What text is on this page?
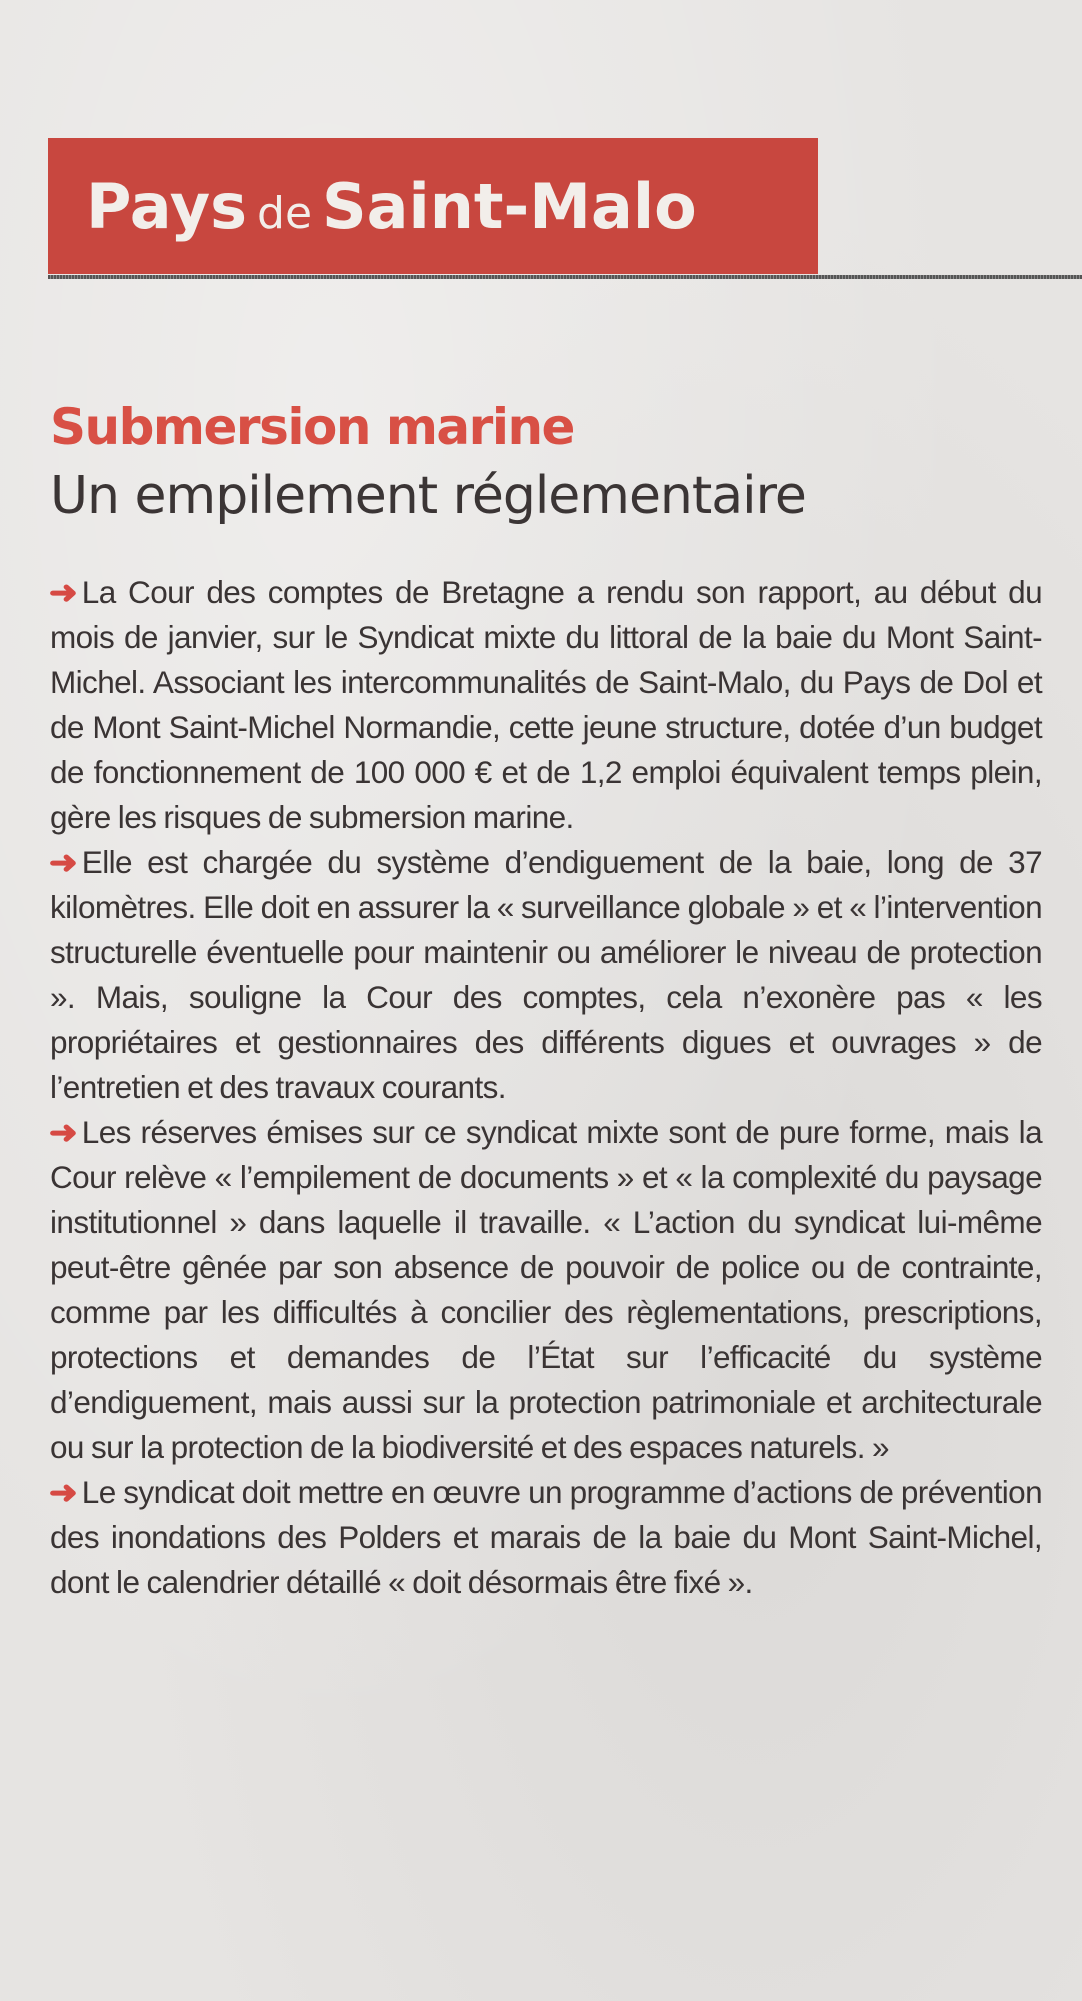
Pays de Saint-Malo
Submersion marine
Un empilement réglementaire

➜ La Cour des comptes de Bretagne a rendu son rapport, au début du mois de janvier, sur le Syndicat mixte du littoral de la baie du Mont Saint-Michel. Associant les intercommunalités de Saint-Malo, du Pays de Dol et de Mont Saint-Michel Normandie, cette jeune structure, dotée d’un budget de fonctionnement de 100 000 € et de 1,2 emploi équivalent temps plein, gère les risques de submersion marine.

➜ Elle est chargée du système d’endiguement de la baie, long de 37 kilomètres. Elle doit en assurer la « surveillance globale » et « l’intervention structurelle éventuelle pour maintenir ou améliorer le niveau de protection ». Mais, souligne la Cour des comptes, cela n’exonère pas « les propriétaires et gestionnaires des différents digues et ouvrages » de l’entretien et des travaux courants.

➜ Les réserves émises sur ce syndicat mixte sont de pure forme, mais la Cour relève « l’empilement de documents » et « la complexité du paysage institutionnel » dans laquelle il travaille. « L’action du syndicat lui-même peut-être gênée par son absence de pouvoir de police ou de contrainte, comme par les difficultés à concilier des règlementations, prescriptions, protections et demandes de l’État sur l’efficacité du système d’endiguement, mais aussi sur la protection patrimoniale et architecturale ou sur la protection de la biodiversité et des espaces naturels. »

➜ Le syndicat doit mettre en œuvre un programme d’actions de prévention des inondations des Polders et marais de la baie du Mont Saint-Michel, dont le calendrier détaillé « doit désormais être fixé ».
